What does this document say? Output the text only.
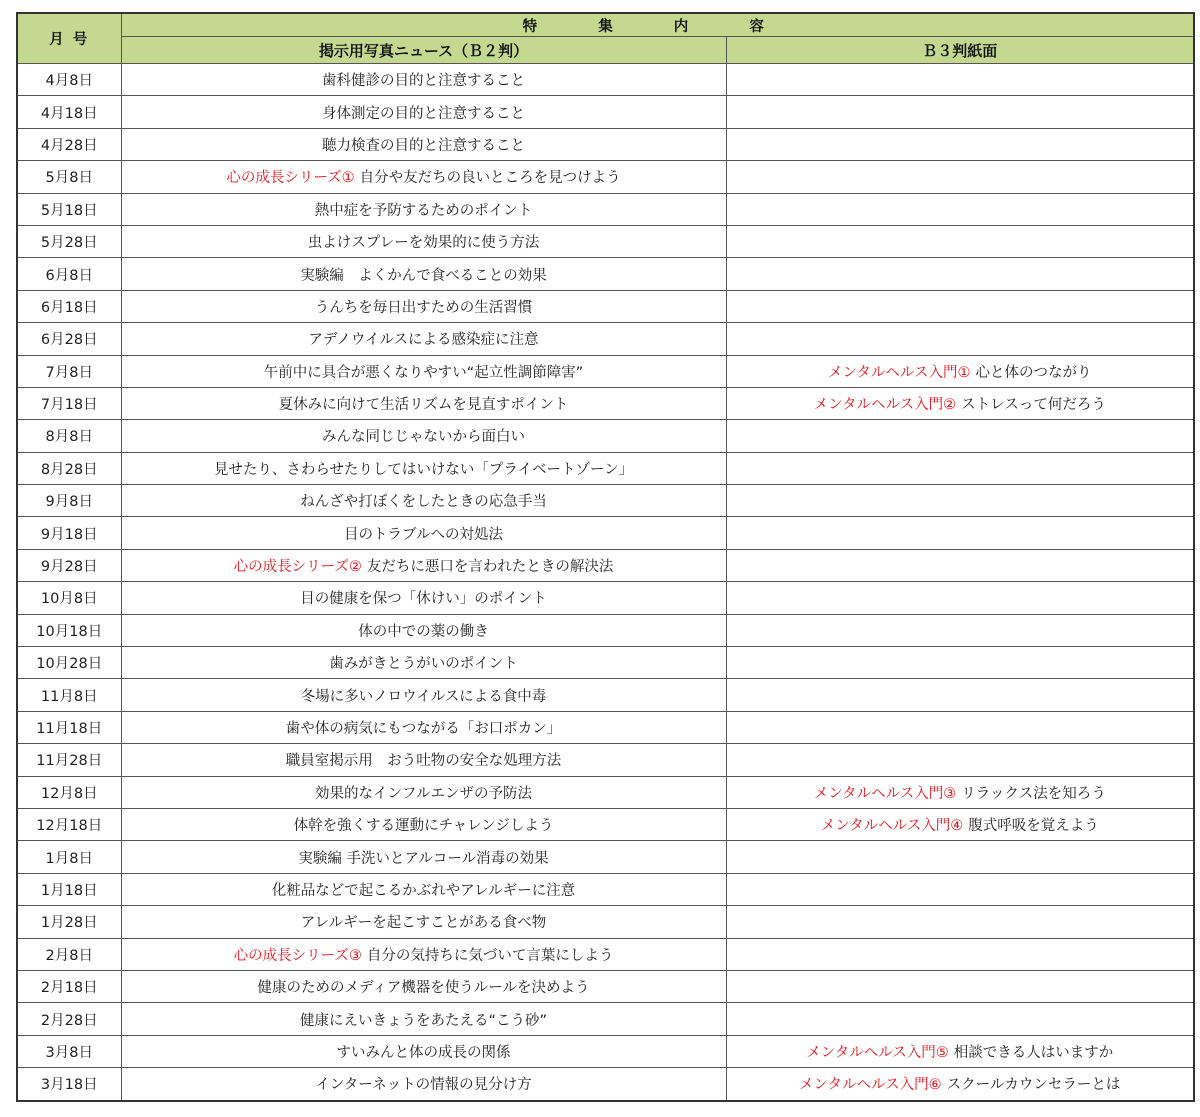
月 号	特 集 内 容	
	掲示用写真ニュース（Ｂ２判）	Ｂ３判紙面
4月8日	歯科健診の目的と注意すること	
4月18日	身体測定の目的と注意すること	
4月28日	聴力検査の目的と注意すること	
5月8日	心の成長シリーズ① 自分や友だちの良いところを見つけよう	
5月18日	熱中症を予防するためのポイント	
5月28日	虫よけスプレーを効果的に使う方法	
6月8日	実験編　よくかんで食べることの効果	
6月18日	うんちを毎日出すための生活習慣	
6月28日	アデノウイルスによる感染症に注意	
7月8日	午前中に具合が悪くなりやすい“起立性調節障害”	メンタルヘルス入門① 心と体のつながり
7月18日	夏休みに向けて生活リズムを見直すポイント	メンタルヘルス入門② ストレスって何だろう
8月8日	みんな同じじゃないから面白い	
8月28日	見せたり、さわらせたりしてはいけない「プライベートゾーン」	
9月8日	ねんざや打ぼくをしたときの応急手当	
9月18日	目のトラブルへの対処法	
9月28日	心の成長シリーズ② 友だちに悪口を言われたときの解決法	
10月8日	目の健康を保つ「休けい」のポイント	
10月18日	体の中での薬の働き	
10月28日	歯みがきとうがいのポイント	
11月8日	冬場に多いノロウイルスによる食中毒	
11月18日	歯や体の病気にもつながる「お口ポカン」	
11月28日	職員室掲示用　おう吐物の安全な処理方法	
12月8日	効果的なインフルエンザの予防法	メンタルヘルス入門③ リラックス法を知ろう
12月18日	体幹を強くする運動にチャレンジしよう	メンタルヘルス入門④ 腹式呼吸を覚えよう
1月8日	実験編 手洗いとアルコール消毒の効果	
1月18日	化粧品などで起こるかぶれやアレルギーに注意	
1月28日	アレルギーを起こすことがある食べ物	
2月8日	心の成長シリーズ③ 自分の気持ちに気づいて言葉にしよう	
2月18日	健康のためのメディア機器を使うルールを決めよう	
2月28日	健康にえいきょうをあたえる“こう砂”	
3月8日	すいみんと体の成長の関係	メンタルヘルス入門⑤ 相談できる人はいますか
3月18日	インターネットの情報の見分け方	メンタルヘルス入門⑥ スクールカウンセラーとは
